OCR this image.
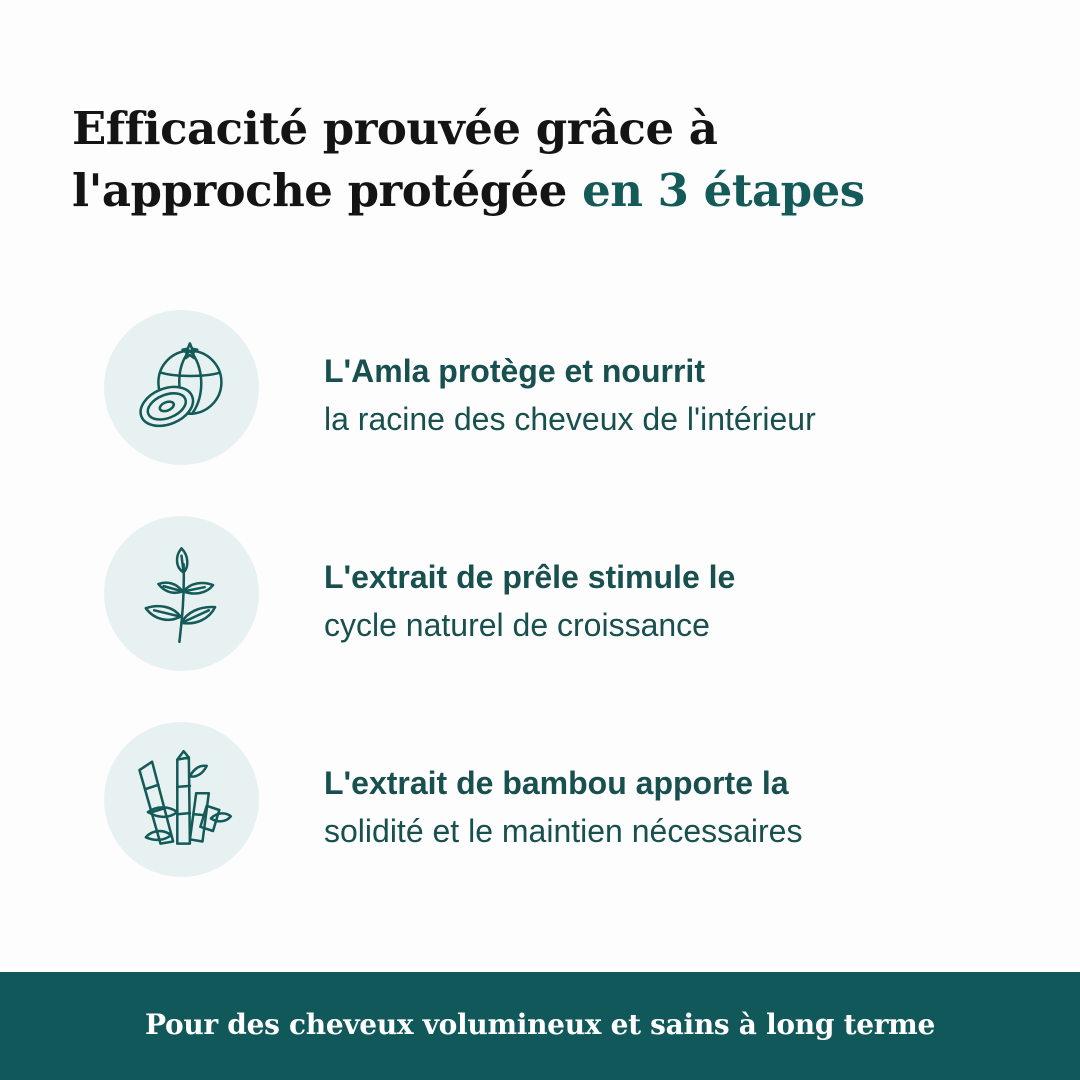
Efficacité prouvée grâce à
l'approche protégée en 3 étapes
L'Amla protège et nourrit
la racine des cheveux de l'intérieur
L'extrait de prêle stimule le
cycle naturel de croissance
L'extrait de bambou apporte la
solidité et le maintien nécessaires
Pour des cheveux volumineux et sains à long terme
